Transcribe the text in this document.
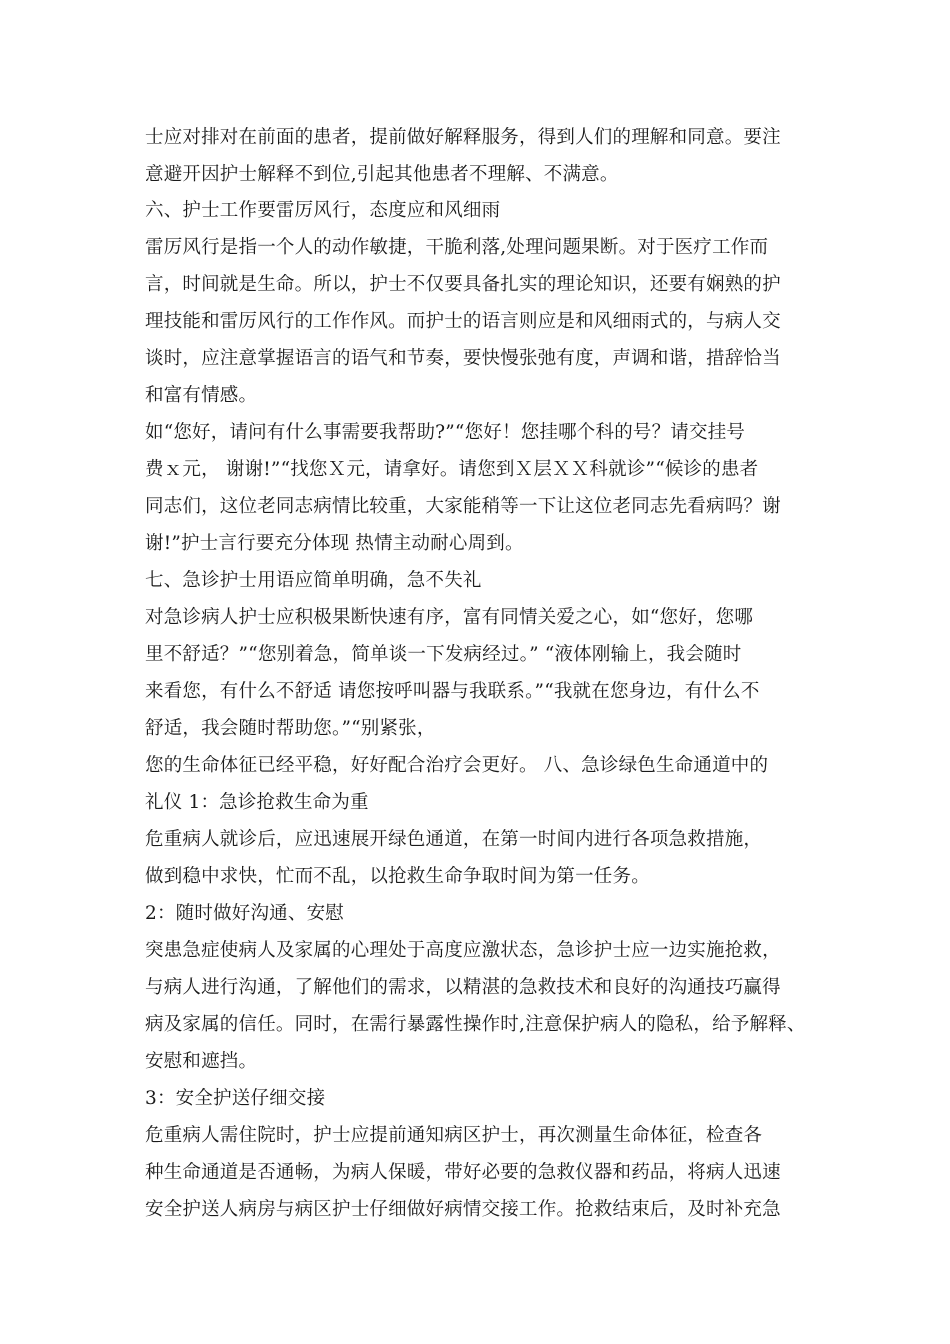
士应对排对在前面的患者，提前做好解释服务，得到人们的理解和同意。要注
意避开因护士解释不到位,引起其他患者不理解、不满意。
六、护士工作要雷厉风行，态度应和风细雨
雷厉风行是指一个人的动作敏捷，干脆利落,处理问题果断。对于医疗工作而
言，时间就是生命。所以，护士不仅要具备扎实的理论知识，还要有娴熟的护
理技能和雷厉风行的工作作风。而护士的语言则应是和风细雨式的，与病人交
谈时，应注意掌握语言的语气和节奏，要快慢张弛有度，声调和谐，措辞恰当
和富有情感。
如“您好，请问有什么事需要我帮助?”“您好！您挂哪个科的号？请交挂号
费ｘ元， 谢谢!”“找您Ｘ元，请拿好。请您到Ｘ层ＸＸ科就诊”“候诊的患者
同志们，这位老同志病情比较重，大家能稍等一下让这位老同志先看病吗？谢
谢!”护士言行要充分体现 热情主动耐心周到。
七、急诊护士用语应简单明确，急不失礼
对急诊病人护士应积极果断快速有序，富有同情关爱之心，如“您好，您哪
里不舒适？”“您别着急，简单谈一下发病经过。” “液体刚输上，我会随时
来看您，有什么不舒适 请您按呼叫器与我联系。”“我就在您身边，有什么不
舒适，我会随时帮助您。”“别紧张，
您的生命体征已经平稳，好好配合治疗会更好。 八、急诊绿色生命通道中的
礼仪 1：急诊抢救生命为重
危重病人就诊后，应迅速展开绿色通道，在第一时间内进行各项急救措施，
做到稳中求快，忙而不乱，以抢救生命争取时间为第一任务。
2：随时做好沟通、安慰
突患急症使病人及家属的心理处于高度应激状态，急诊护士应一边实施抢救，
与病人进行沟通，了解他们的需求，以精湛的急救技术和良好的沟通技巧赢得
病及家属的信任。同时，在需行暴露性操作时,注意保护病人的隐私，给予解释、
安慰和遮挡。
3：安全护送仔细交接
危重病人需住院时，护士应提前通知病区护士，再次测量生命体征，检查各
种生命通道是否通畅，为病人保暖，带好必要的急救仪器和药品，将病人迅速
安全护送人病房与病区护士仔细做好病情交接工作。抢救结束后，及时补充急
